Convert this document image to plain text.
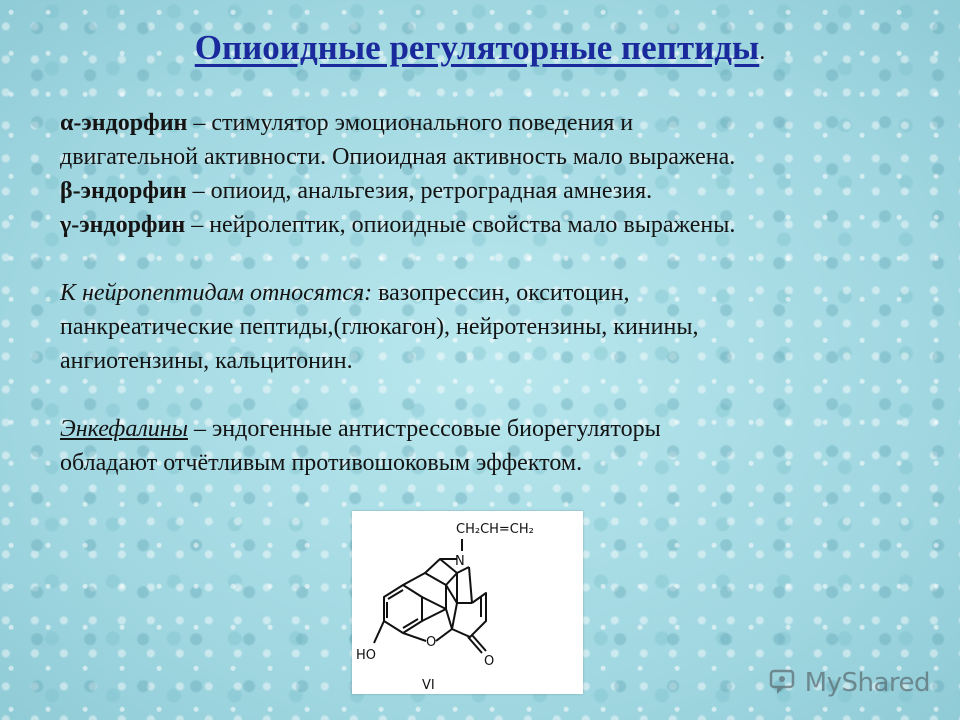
Опиоидные регуляторные пептиды.

α-эндорфин – стимулятор эмоционального поведения и

двигательной активности. Опиоидная активность мало выражена.

β-эндорфин – опиоид, анальгезия, ретроградная амнезия.

γ-эндорфин – нейролептик, опиоидные свойства мало выражены.

К нейропептидам относятся: вазопрессин, окситоцин,

панкреатические пептиды,(глюкагон), нейротензины, кинины,

ангиотензины, кальцитонин.

Энкефалины – эндогенные антистрессовые биорегуляторы

обладают отчётливым противошоковым эффектом.

CH₂CH=CH₂
N
HO
O
O
VI	MyShared
